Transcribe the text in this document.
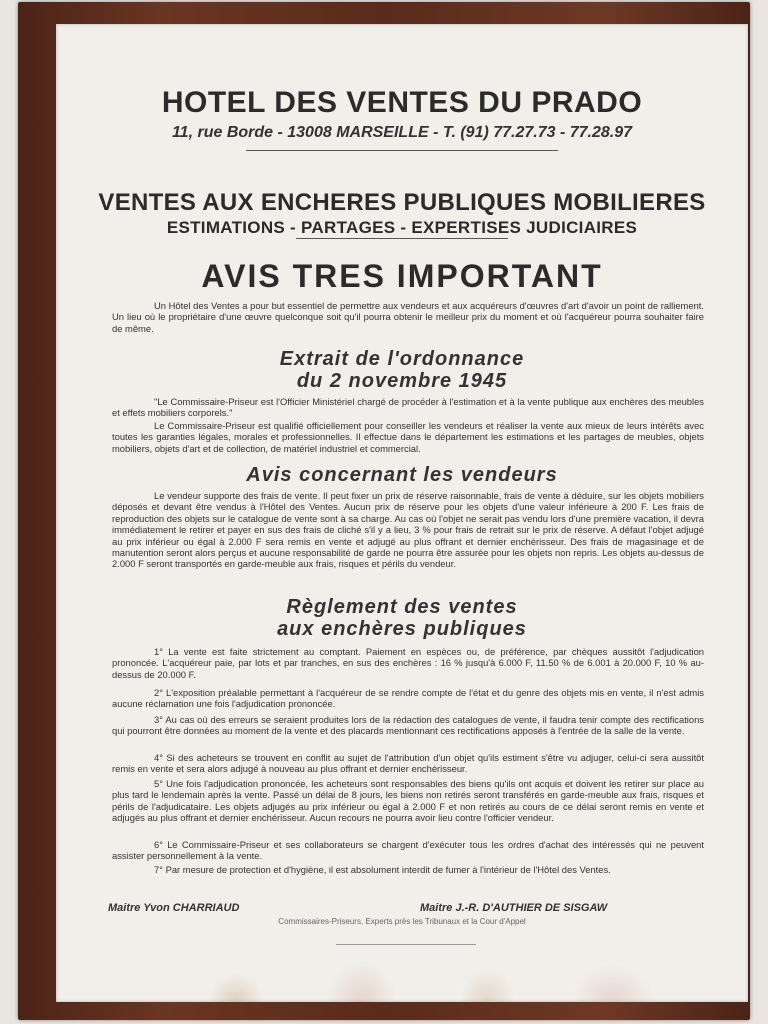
HOTEL DES VENTES DU PRADO
11, rue Borde - 13008 MARSEILLE - T. (91) 77.27.73 - 77.28.97
VENTES AUX ENCHERES PUBLIQUES MOBILIERES
ESTIMATIONS - PARTAGES - EXPERTISES JUDICIAIRES
AVIS TRES IMPORTANT

Un Hôtel des Ventes a pour but essentiel de permettre aux vendeurs et aux acquéreurs d'œuvres d'art d'avoir un point de ralliement. Un lieu où le propriétaire d'une œuvre quelconque soit qu'il pourra obtenir le meilleur prix du moment et où l'acquéreur pourra souhaiter faire de même.

Extrait de l'ordonnance
du 2 novembre 1945

"Le Commissaire-Priseur est l'Officier Ministériel chargé de procéder à l'estimation et à la vente publique aux enchères des meubles et effets mobiliers corporels."

Le Commissaire-Priseur est qualifié officiellement pour conseiller les vendeurs et réaliser la vente aux mieux de leurs intérêts avec toutes les garanties légales, morales et professionnelles. Il effectue dans le département les estimations et les partages de meubles, objets mobiliers, objets d'art et de collection, de matériel industriel et commercial.

Avis concernant les vendeurs

Le vendeur supporte des frais de vente. Il peut fixer un prix de réserve raisonnable, frais de vente à déduire, sur les objets mobiliers déposés et devant être vendus à l'Hôtel des Ventes. Aucun prix de réserve pour les objets d'une valeur inférieure à 200 F. Les frais de reproduction des objets sur le catalogue de vente sont à sa charge. Au cas où l'objet ne serait pas vendu lors d'une première vacation, il devra immédiatement le retirer et payer en sus des frais de cliché s'il y a lieu, 3 % pour frais de retrait sur le prix de réserve. A défaut l'objet adjugé au prix inférieur ou égal à 2.000 F sera remis en vente et adjugé au plus offrant et dernier enchérisseur. Des frais de magasinage et de manutention seront alors perçus et aucune responsabilité de garde ne pourra être assurée pour les objets non repris. Les objets au-dessus de 2.000 F seront transportés en garde-meuble aux frais, risques et périls du vendeur.

Règlement des ventes
aux enchères publiques

1° La vente est faite strictement au comptant. Paiement en espèces ou, de préférence, par chèques aussitôt l'adjudication prononcée. L'acquéreur paie, par lots et par tranches, en sus des enchères : 16 % jusqu'à 6.000 F, 11.50 % de 6.001 à 20.000 F, 10 % au-dessus de 20.000 F.

2° L'exposition préalable permettant à l'acquéreur de se rendre compte de l'état et du genre des objets mis en vente, il n'est admis aucune réclamation une fois l'adjudication prononcée.

3° Au cas où des erreurs se seraient produites lors de la rédaction des catalogues de vente, il faudra tenir compte des rectifications qui pourront être données au moment de la vente et des placards mentionnant ces rectifications apposés à l'entrée de la salle de la vente.

4° Si des acheteurs se trouvent en conflit au sujet de l'attribution d'un objet qu'ils estiment s'être vu adjuger, celui-ci sera aussitôt remis en vente et sera alors adjugé à nouveau au plus offrant et dernier enchérisseur.

5° Une fois l'adjudication prononcée, les acheteurs sont responsables des biens qu'ils ont acquis et doivent les retirer sur place au plus tard le lendemain après la vente. Passé un délai de 8 jours, les biens non retirés seront transférés en garde-meuble aux frais, risques et périls de l'adjudicataire. Les objets adjugés au prix inférieur ou égal à 2.000 F et non retirés au cours de ce délai seront remis en vente et adjugés au plus offrant et dernier enchérisseur. Aucun recours ne pourra avoir lieu contre l'officier vendeur.

6° Le Commissaire-Priseur et ses collaborateurs se chargent d'exécuter tous les ordres d'achat des intéressés qui ne peuvent assister personnellement à la vente.

7° Par mesure de protection et d'hygiène, il est absolument interdit de fumer à l'intérieur de l'Hôtel des Ventes.

Maitre Yvon CHARRIAUD	Maitre J.-R. D'AUTHIER DE SISGAW
Commissaires-Priseurs, Experts près les Tribunaux et la Cour d'Appel
